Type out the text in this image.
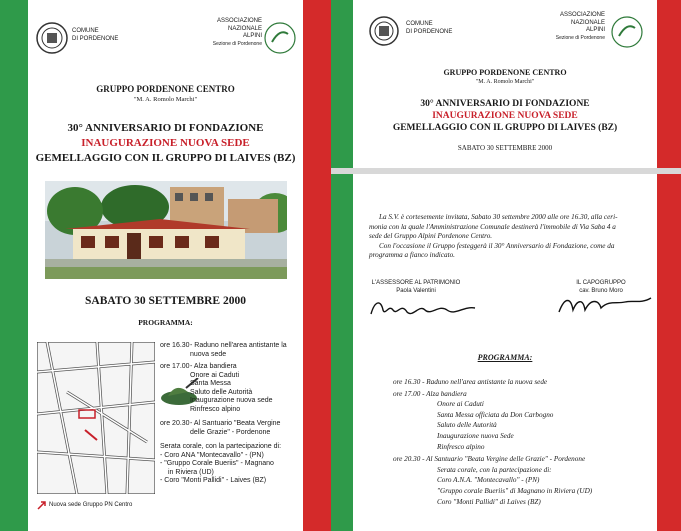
COMUNE
DI PORDENONE
ASSOCIAZIONE
NAZIONALE
ALPINI
Sezione di Pordenone
GRUPPO PORDENONE CENTRO
"M. A. Romolo Marchi"
30° ANNIVERSARIO DI FONDAZIONE
INAUGURAZIONE NUOVA SEDE
GEMELLAGGIO CON IL GRUPPO DI LAIVES (BZ)
SABATO 30 SETTEMBRE 2000
PROGRAMMA:
Nuova sede Gruppo PN Centro
ore 16.30 - Raduno nell'area antistante la
nuova sede
ore 17.00 - Alza bandiera
Onore ai Caduti
Santa Messa
Saluto delle Autorità
Inaugurazione nuova sede
Rinfresco alpino
ore 20.30 - Al Santuario "Beata Vergine
delle Grazie" - Pordenone
Serata corale, con la partecipazione di:
- Coro ANA "Montecavallo" - (PN)
- "Gruppo Corale Bueriis" - Magnano
in Riviera (UD)
- Coro "Monti Pallidi" - Laives (BZ)
COMUNE
DI PORDENONE
ASSOCIAZIONE
NAZIONALE
ALPINI
Sezione di Pordenone
GRUPPO PORDENONE CENTRO
"M. A. Romolo Marchi"
30° ANNIVERSARIO DI FONDAZIONE
INAUGURAZIONE NUOVA SEDE
GEMELLAGGIO CON IL GRUPPO DI LAIVES (BZ)
SABATO 30 SETTEMBRE 2000
La S.V. è cortesemente invitata, Sabato 30 settembre 2000 alle ore 16.30, alla ceri-
monia con la quale l'Amministrazione Comunale destinerà l'immobile di Via Saba 4 a
sede del Gruppo Alpini Pordenone Centro.
Con l'occasione il Gruppo festeggerà il 30° Anniversario di Fondazione, come da
programma a fianco indicato.
L'ASSESSORE AL PATRIMONIO
Paola Valentini
IL CAPOGRUPPO
cav. Bruno Moro
PROGRAMMA:
ore 16.30 - Raduno nell'area antistante la nuova sede
ore 17.00 - Alza bandiera
Onore ai Caduti
Santa Messa officiata da Don Carbogno
Saluto delle Autorità
Inaugurazione nuova Sede
Rinfresco alpino
ore 20.30 - Al Santuario "Beata Vergine delle Grazie" - Pordenone
Serata corale, con la partecipazione di:
Coro A.N.A. "Montecavallo" - (PN)
"Gruppo corale Bueriis" di Magnano in Riviera (UD)
Coro "Monti Pallidi" di Laives (BZ)
